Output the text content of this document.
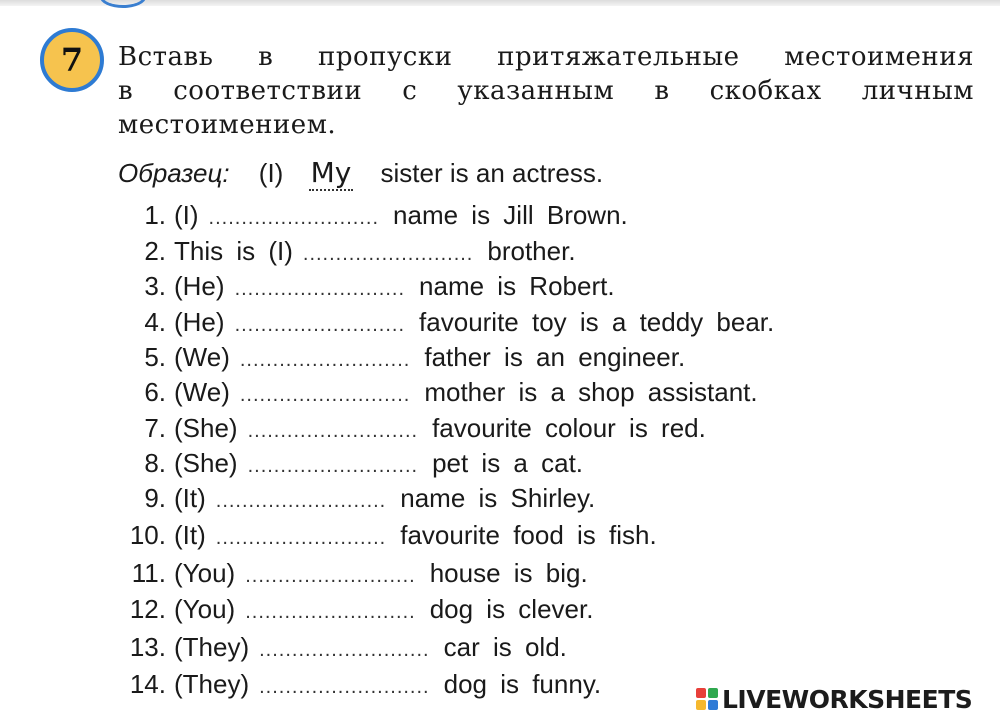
7 Вставь в пропуски притяжательные местоимения
в соответствии с указанным в скобках личным
местоимением.
Образец: (I) My sister is an actress.
1. (I) .......................... name is Jill Brown.
2. This is (I) .......................... brother.
3. (He) .......................... name is Robert.
4. (He) .......................... favourite toy is a teddy bear.
5. (We) .......................... father is an engineer.
6. (We) .......................... mother is a shop assistant.
7. (She) .......................... favourite colour is red.
8. (She) .......................... pet is a cat.
9. (It) .......................... name is Shirley.
10. (It) .......................... favourite food is fish.
11. (You) .......................... house is big.
12. (You) .......................... dog is clever.
13. (They) .......................... car is old.
14. (They) .......................... dog is funny.	LIVEWORKSHEETS
